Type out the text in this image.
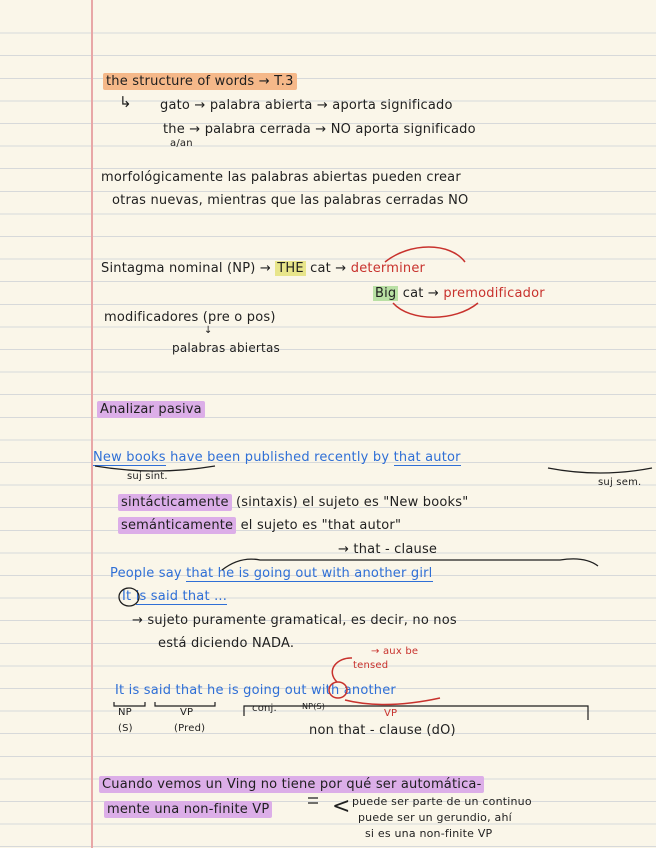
the structure of words → T.3
↳ gato → palabra abierta → aporta significado
the → palabra cerrada → NO aporta significado
a/an
morfológicamente las palabras abiertas pueden crear
otras nuevas, mientras que las palabras cerradas NO
Sintagma nominal (NP) → THE cat → determiner
Big cat → premodificador
modificadores (pre o pos)
↓
palabras abiertas
Analizar pasiva
New books have been published recently by that autor
suj sint.
suj sem.
sintácticamente (sintaxis) el sujeto es "New books"
semánticamente el sujeto es "that autor"
→ that - clause
People say that he is going out with another girl
It is said that ...
→ sujeto puramente gramatical, es decir, no nos
está diciendo NADA.
→ aux be
tensed
It is said that he is going out with another
NP	VP	conj.	NP(S)
VP
(S)	(Pred)	non that - clause (dO)
Cuando vemos un Ving no tiene por qué ser automática-
mente una non-finite VP	< puede ser parte de un continuo
puede ser un gerundio, ahí
si es una non-finite VP
